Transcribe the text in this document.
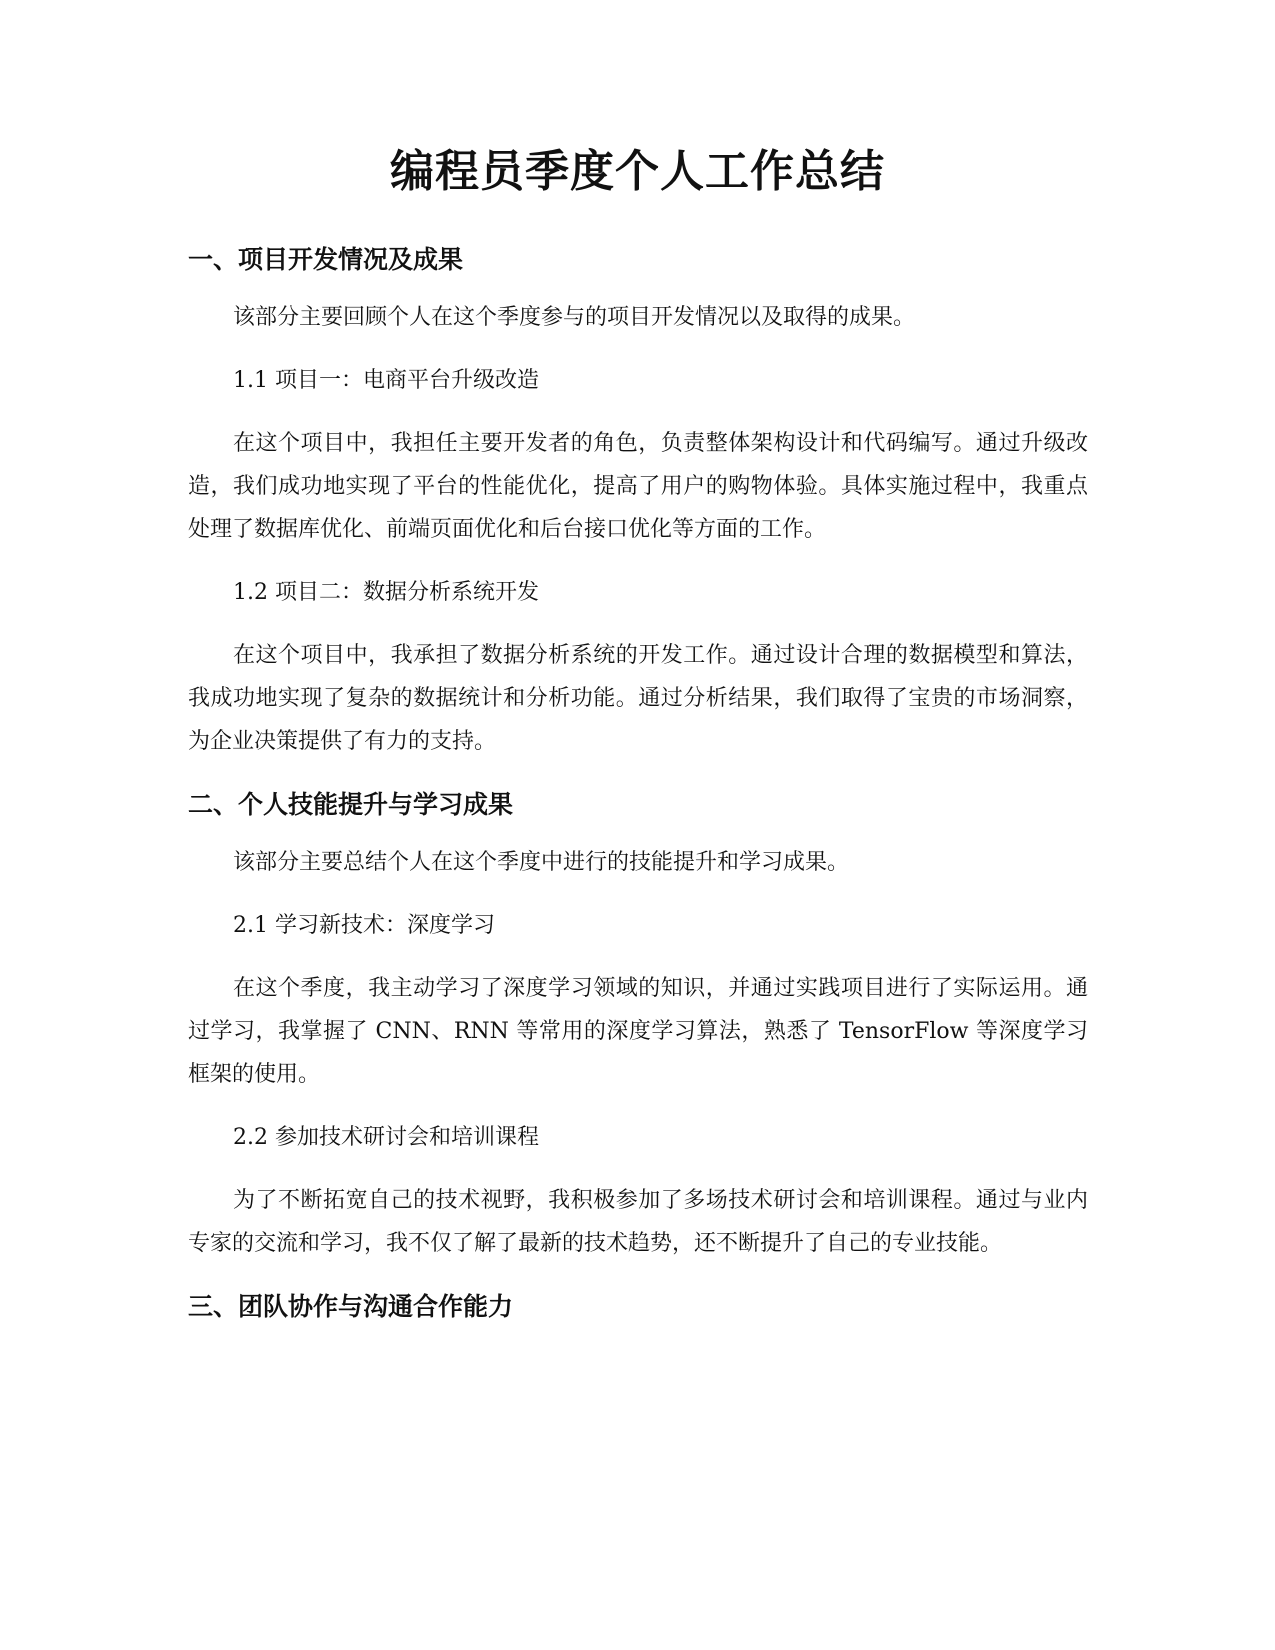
编程员季度个人工作总结
一、项目开发情况及成果

该部分主要回顾个人在这个季度参与的项目开发情况以及取得的成果。

1.1 项目一：电商平台升级改造

在这个项目中，我担任主要开发者的角色，负责整体架构设计和代码编写。通过升级改造，我们成功地实现了平台的性能优化，提高了用户的购物体验。具体实施过程中，我重点处理了数据库优化、前端页面优化和后台接口优化等方面的工作。

1.2 项目二：数据分析系统开发

在这个项目中，我承担了数据分析系统的开发工作。通过设计合理的数据模型和算法，我成功地实现了复杂的数据统计和分析功能。通过分析结果，我们取得了宝贵的市场洞察，为企业决策提供了有力的支持。

二、个人技能提升与学习成果

该部分主要总结个人在这个季度中进行的技能提升和学习成果。

2.1 学习新技术：深度学习

在这个季度，我主动学习了深度学习领域的知识，并通过实践项目进行了实际运用。通过学习，我掌握了 CNN、RNN 等常用的深度学习算法，熟悉了 TensorFlow 等深度学习框架的使用。

2.2 参加技术研讨会和培训课程

为了不断拓宽自己的技术视野，我积极参加了多场技术研讨会和培训课程。通过与业内专家的交流和学习，我不仅了解了最新的技术趋势，还不断提升了自己的专业技能。

三、团队协作与沟通合作能力
